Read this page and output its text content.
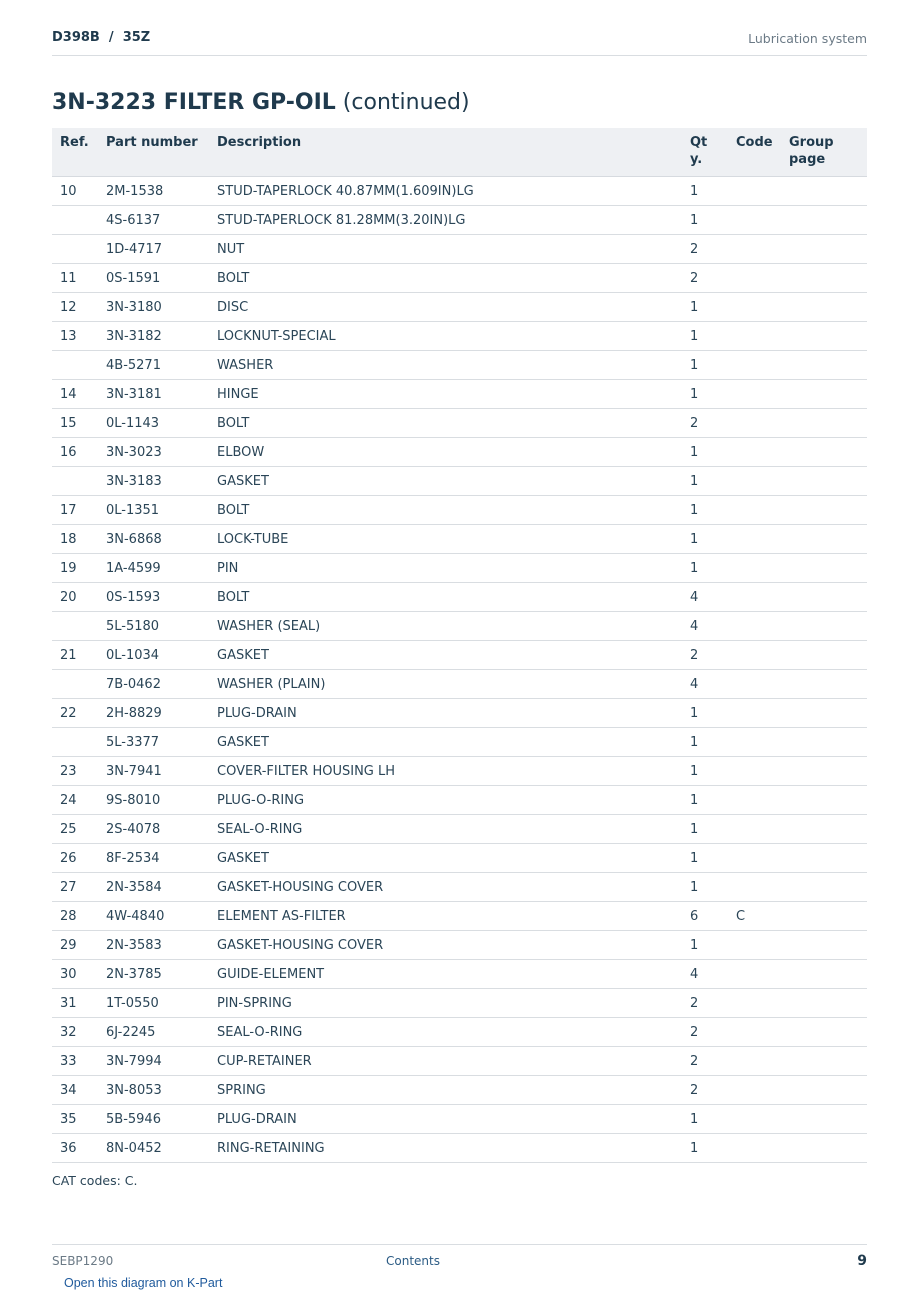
D398B  /  35Z	Lubrication system
3N-3223 FILTER GP-OIL (continued)
Ref.	Part number	Description	Qty.	Code	Group page
10	2M-1538	STUD-TAPERLOCK 40.87MM(1.609IN)LG	1		
	4S-6137	STUD-TAPERLOCK 81.28MM(3.20IN)LG	1		
	1D-4717	NUT	2		
11	0S-1591	BOLT	2		
12	3N-3180	DISC	1		
13	3N-3182	LOCKNUT-SPECIAL	1		
	4B-5271	WASHER	1		
14	3N-3181	HINGE	1		
15	0L-1143	BOLT	2		
16	3N-3023	ELBOW	1		
	3N-3183	GASKET	1		
17	0L-1351	BOLT	1		
18	3N-6868	LOCK-TUBE	1		
19	1A-4599	PIN	1		
20	0S-1593	BOLT	4		
	5L-5180	WASHER (SEAL)	4		
21	0L-1034	GASKET	2		
	7B-0462	WASHER (PLAIN)	4		
22	2H-8829	PLUG-DRAIN	1		
	5L-3377	GASKET	1		
23	3N-7941	COVER-FILTER HOUSING LH	1		
24	9S-8010	PLUG-O-RING	1		
25	2S-4078	SEAL-O-RING	1		
26	8F-2534	GASKET	1		
27	2N-3584	GASKET-HOUSING COVER	1		
28	4W-4840	ELEMENT AS-FILTER	6	C	
29	2N-3583	GASKET-HOUSING COVER	1		
30	2N-3785	GUIDE-ELEMENT	4		
31	1T-0550	PIN-SPRING	2		
32	6J-2245	SEAL-O-RING	2		
33	3N-7994	CUP-RETAINER	2		
34	3N-8053	SPRING	2		
35	5B-5946	PLUG-DRAIN	1		
36	8N-0452	RING-RETAINING	1		
CAT codes: C.
SEBP1290	Contents	9
Open this diagram on K-Part
